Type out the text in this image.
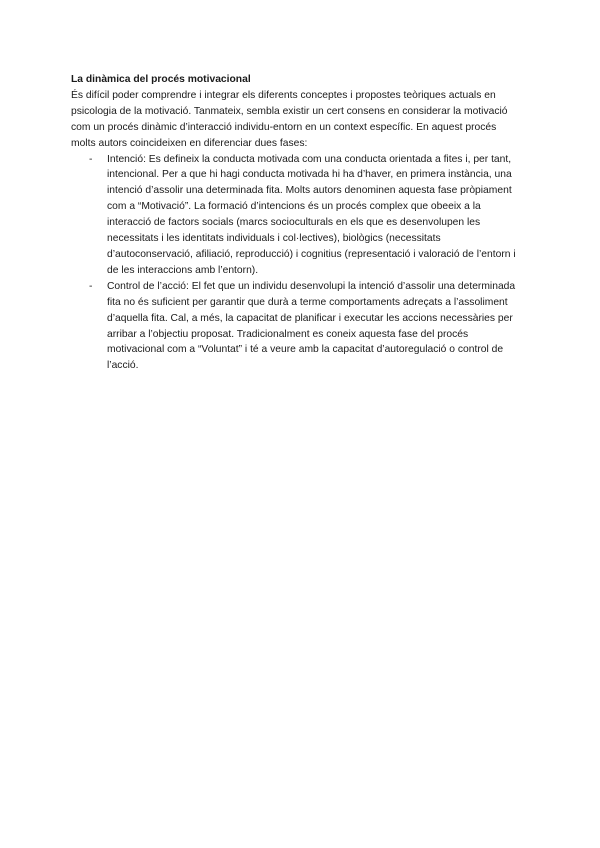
La dinàmica del procés motivacional

És difícil poder comprendre i integrar els diferents conceptes i propostes teòriques actuals en psicologia de la motivació. Tanmateix, sembla existir un cert consens en considerar la motivació com un procés dinàmic d’interacció individu-entorn en un context específic. En aquest procés molts autors coincideixen en diferenciar dues fases:

- Intenció: Es defineix la conducta motivada com una conducta orientada a fites i, per tant, intencional. Per a que hi hagi conducta motivada hi ha d’haver, en primera instància, una intenció d’assolir una determinada fita. Molts autors denominen aquesta fase pròpiament com a “Motivació”. La formació d’intencions és un procés complex que obeeix a la interacció de factors socials (marcs socioculturals en els que es desenvolupen les necessitats i les identitats individuals i col·lectives), biològics (necessitats d’autoconservació, afiliació, reproducció) i cognitius (representació i valoració de l’entorn i de les interaccions amb l’entorn).
- Control de l’acció: El fet que un individu desenvolupi la intenció d’assolir una determinada fita no és suficient per garantir que durà a terme comportaments adreçats a l’assoliment d’aquella fita. Cal, a més, la capacitat de planificar i executar les accions necessàries per arribar a l’objectiu proposat. Tradicionalment es coneix aquesta fase del procés motivacional com a “Voluntat” i té a veure amb la capacitat d’autoregulació o control de l’acció.
